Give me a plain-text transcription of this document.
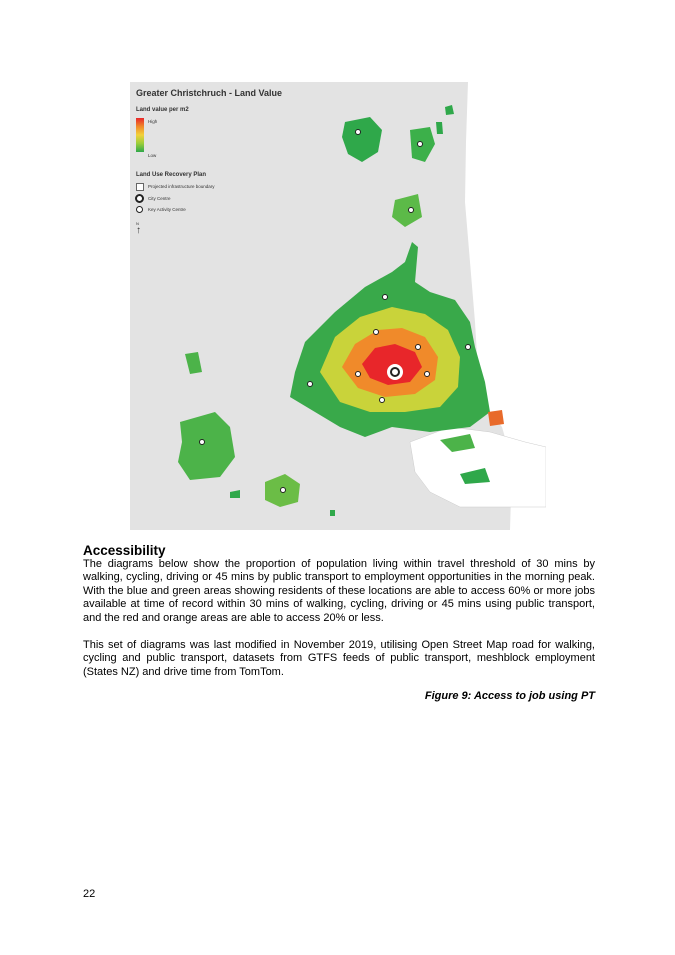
Greater Christchruch - Land Value
Land value per m2
High
Low
Land Use Recovery Plan
Projected infrastructure boundary
City Centre
Key Activity Centre
N
↑
Accessibility

The diagrams below show the proportion of population living within travel threshold of 30 mins by walking, cycling, driving or 45 mins by public transport to employment opportunities in the morning peak. With the blue and green areas showing residents of these locations are able to access 60% or more jobs available at time of record within 30 mins of walking, cycling, driving or 45 mins using public transport, and the red and orange areas are able to access 20% or less.

This set of diagrams was last modified in November 2019, utilising Open Street Map road for walking, cycling and public transport, datasets from GTFS feeds of public transport, meshblock employment (States NZ) and drive time from TomTom.

Figure 9: Access to job using PT
22
